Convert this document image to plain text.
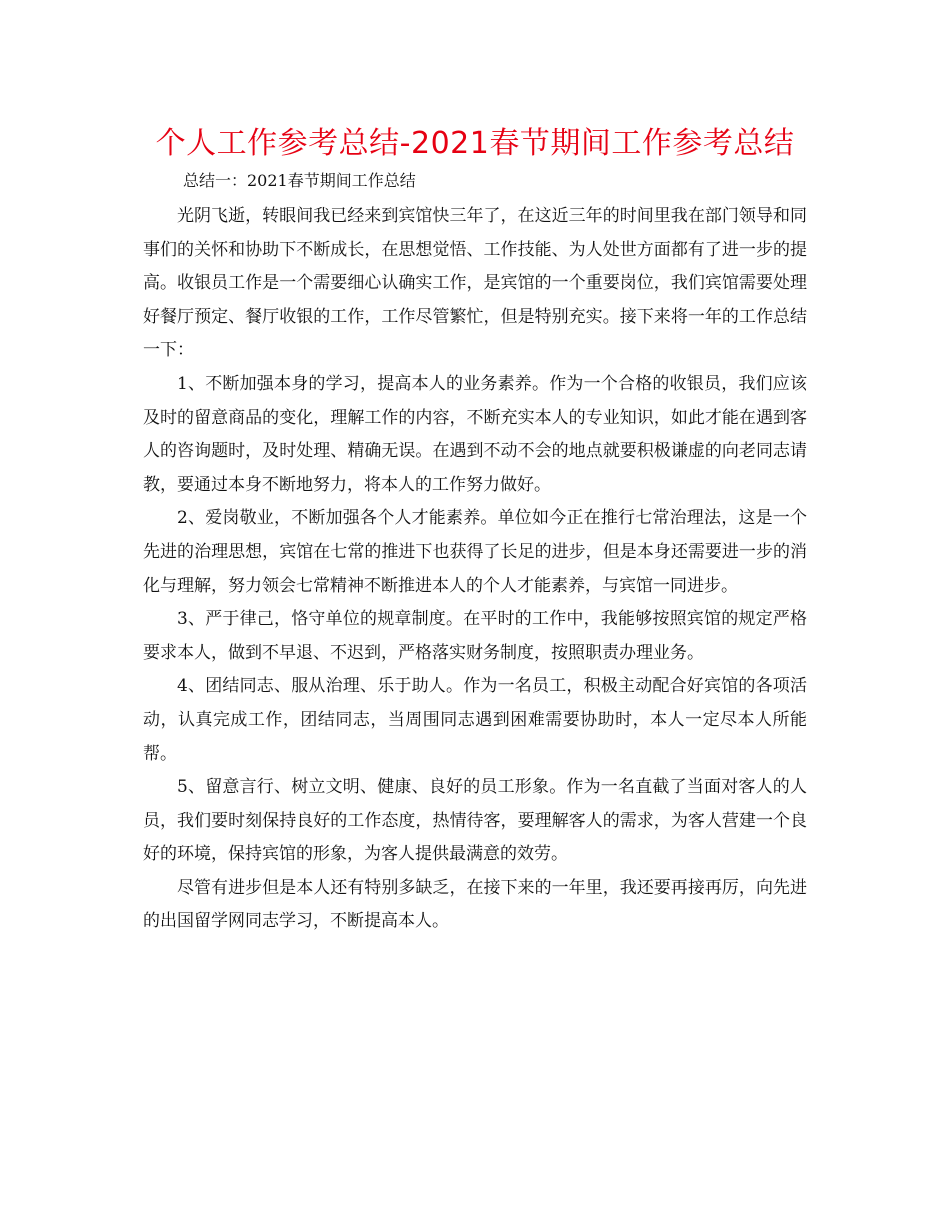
个人工作参考总结-2021春节期间工作参考总结
总结一：2021春节期间工作总结

光阴飞逝，转眼间我已经来到宾馆快三年了，在这近三年的时间里我在部门领导和同事们的关怀和协助下不断成长，在思想觉悟、工作技能、为人处世方面都有了进一步的提高。收银员工作是一个需要细心认确实工作，是宾馆的一个重要岗位，我们宾馆需要处理好餐厅预定、餐厅收银的工作，工作尽管繁忙，但是特别充实。接下来将一年的工作总结一下：

1、不断加强本身的学习，提高本人的业务素养。作为一个合格的收银员，我们应该及时的留意商品的变化，理解工作的内容，不断充实本人的专业知识，如此才能在遇到客人的咨询题时，及时处理、精确无误。在遇到不动不会的地点就要积极谦虚的向老同志请教，要通过本身不断地努力，将本人的工作努力做好。

2、爱岗敬业，不断加强各个人才能素养。单位如今正在推行七常治理法，这是一个先进的治理思想，宾馆在七常的推进下也获得了长足的进步，但是本身还需要进一步的消化与理解，努力领会七常精神不断推进本人的个人才能素养，与宾馆一同进步。

3、严于律己，恪守单位的规章制度。在平时的工作中，我能够按照宾馆的规定严格要求本人，做到不早退、不迟到，严格落实财务制度，按照职责办理业务。

4、团结同志、服从治理、乐于助人。作为一名员工，积极主动配合好宾馆的各项活动，认真完成工作，团结同志，当周围同志遇到困难需要协助时，本人一定尽本人所能帮。

5、留意言行、树立文明、健康、良好的员工形象。作为一名直截了当面对客人的人员，我们要时刻保持良好的工作态度，热情待客，要理解客人的需求，为客人营建一个良好的环境，保持宾馆的形象，为客人提供最满意的效劳。

尽管有进步但是本人还有特别多缺乏，在接下来的一年里，我还要再接再厉，向先进的出国留学网同志学习，不断提高本人。
